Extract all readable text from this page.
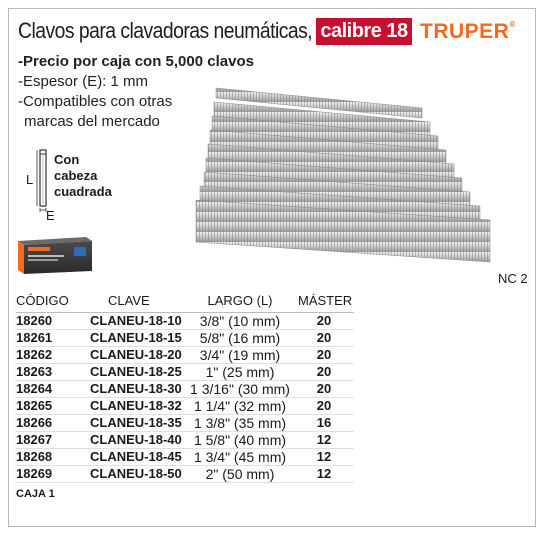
Clavos para clavadoras neumáticas, calibre 18 TRUPER®
-Precio por caja con 5,000 clavos
-Espesor (E): 1 mm
-Compatibles con otras
marcas del mercado
L
E
Con
cabeza
cuadrada
NC 2
CÓDIGO	CLAVE	LARGO (L)	MÁSTER
18260	CLANEU-18-10	3/8" (10 mm)	20
18261	CLANEU-18-15	5/8" (16 mm)	20
18262	CLANEU-18-20	3/4" (19 mm)	20
18263	CLANEU-18-25	1" (25 mm)	20
18264	CLANEU-18-30	1 3/16" (30 mm)	20
18265	CLANEU-18-32	1 1/4" (32 mm)	20
18266	CLANEU-18-35	1 3/8" (35 mm)	16
18267	CLANEU-18-40	1 5/8" (40 mm)	12
18268	CLANEU-18-45	1 3/4" (45 mm)	12
18269	CLANEU-18-50	2" (50 mm)	12
CAJA 1
